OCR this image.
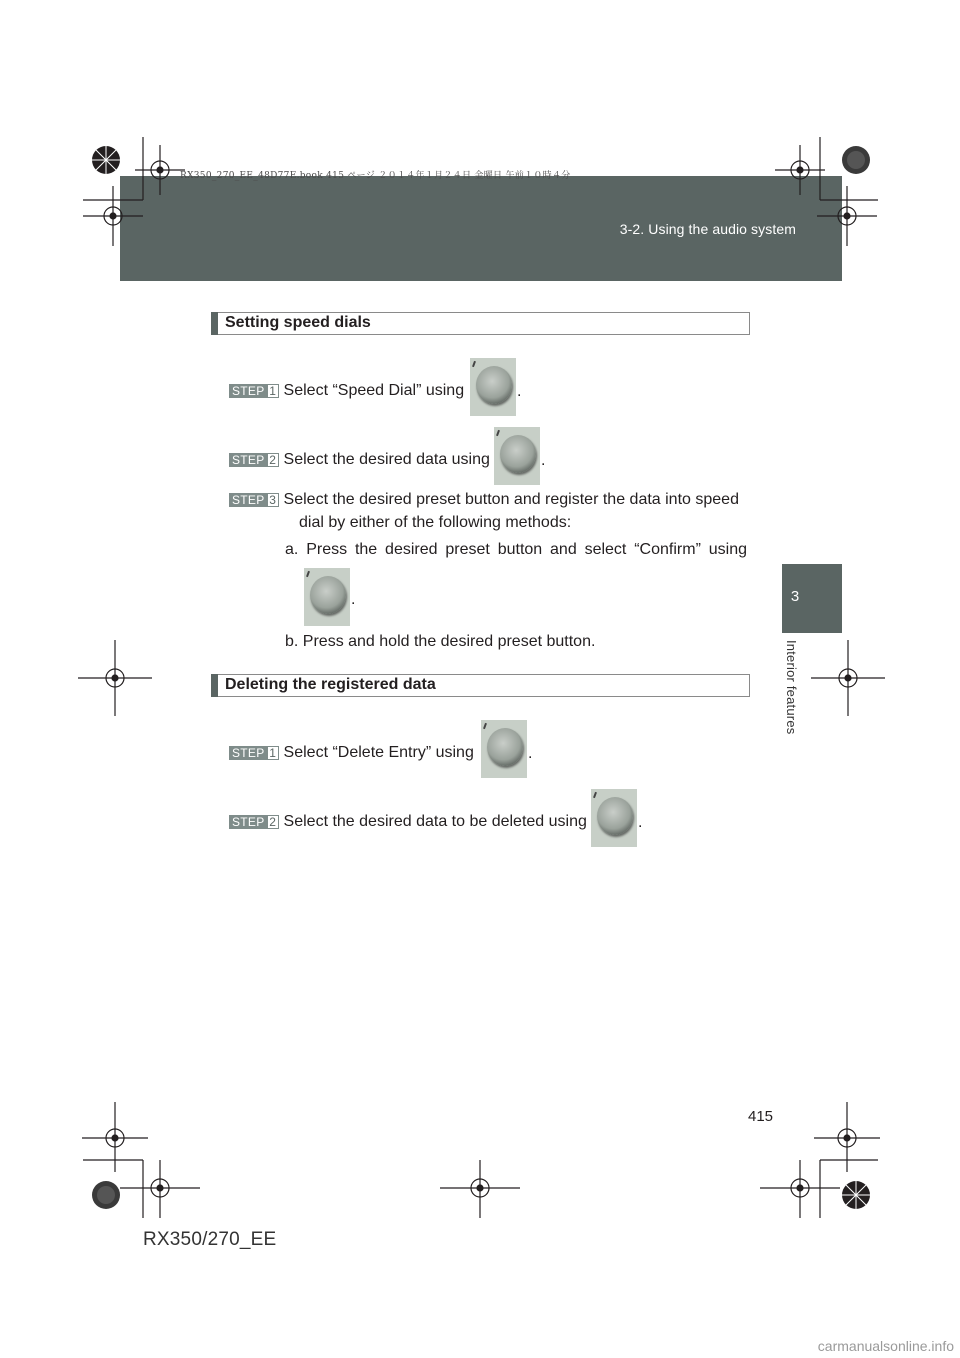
RX350_270_EE_48D77E.book 415 ページ ２０１４年１月２４日 金曜日 午前１０時４分
3-2. Using the audio system
3
Interior features
Setting speed dials
STEP 1 Select “Speed Dial” using	.
STEP 2 Select the desired data using	.
STEP 3 Select the desired preset button and register the data into speed
dial by either of the following methods:
a. Press the desired preset button and select “Confirm” using
.
b. Press and hold the desired preset button.
Deleting the registered data
STEP 1 Select “Delete Entry” using	.
STEP 2 Select the desired data to be deleted using	.
415
RX350/270_EE
carmanualsonline.info
